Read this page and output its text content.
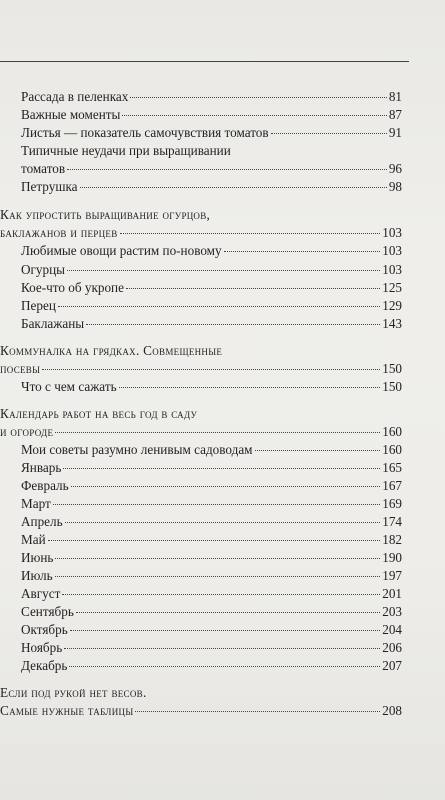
Рассада в пеленках	81
Важные моменты	87
Листья — показатель самочувствия томатов	91
Типичные неудачи при выращивании
томатов	96
Петрушка	98
Как упростить выращивание огурцов,
баклажанов и перцев	103
Любимые овощи растим по-новому	103
Огурцы	103
Кое-что об укропе	125
Перец	129
Баклажаны	143
Коммуналка на грядках. Совмещенные
посевы	150
Что с чем сажать	150
Календарь работ на весь год в саду
и огороде	160
Мои советы разумно ленивым садоводам	160
Январь	165
Февраль	167
Март	169
Апрель	174
Май	182
Июнь	190
Июль	197
Август	201
Сентябрь	203
Октябрь	204
Ноябрь	206
Декабрь	207
Если под рукой нет весов.
Самые нужные таблицы	208
